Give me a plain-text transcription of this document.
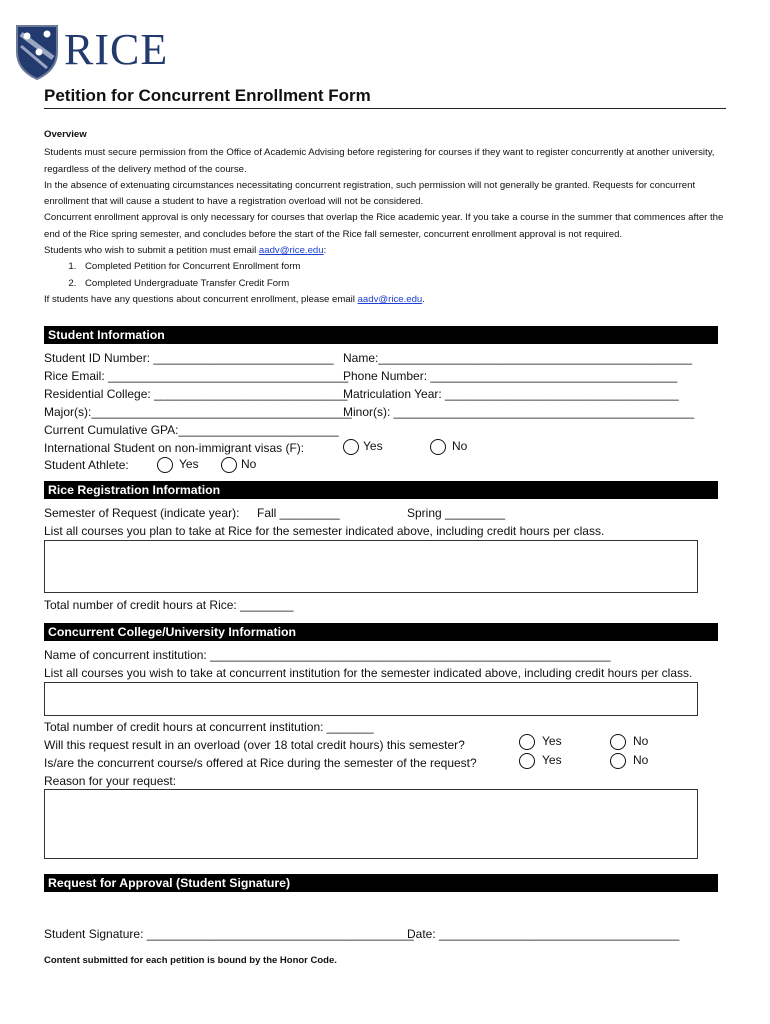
RICE
Petition for Concurrent Enrollment Form

Overview

Students must secure permission from the Office of Academic Advising before registering for courses if they want to register concurrently at another university, regardless of the delivery method of the course.

In the absence of extenuating circumstances necessitating concurrent registration, such permission will not generally be granted. Requests for concurrent enrollment that will cause a student to have a registration overload will not be considered.

Concurrent enrollment approval is only necessary for courses that overlap the Rice academic year. If you take a course in the summer that commences after the end of the Rice spring semester, and concludes before the start of the Rice fall semester, concurrent enrollment approval is not required.

Students who wish to submit a petition must email aadv@rice.edu:

1. Completed Petition for Concurrent Enrollment form
2. Completed Undergraduate Transfer Credit Form

If students have any questions about concurrent enrollment, please email aadv@rice.edu.

Student Information
Student ID Number: ___________________________ Name:_______________________________________________
Rice Email: ____________________________________
Phone Number: _____________________________________
Residential College: _____________________________
Matriculation Year: ___________________________________
Major(s):_______________________________________
Minor(s): _____________________________________________
Current Cumulative GPA:________________________
International Student on non-immigrant visas (F):	Yes	No
Student Athlete:	Yes	No
Rice Registration Information
Semester of Request (indicate year): Fall _________	Spring _________
List all courses you plan to take at Rice for the semester indicated above, including credit hours per class.
Total number of credit hours at Rice: ________
Concurrent College/University Information
Name of concurrent institution: ____________________________________________________________
List all courses you wish to take at concurrent institution for the semester indicated above, including credit hours per class.
Total number of credit hours at concurrent institution: _______
Will this request result in an overload (over 18 total credit hours) this semester?	Yes	No
Is/are the concurrent course/s offered at Rice during the semester of the request?	Yes	No
Reason for your request:
Request for Approval (Student Signature)
Student Signature: ________________________________________
Date: ____________________________________
Content submitted for each petition is bound by the Honor Code.
